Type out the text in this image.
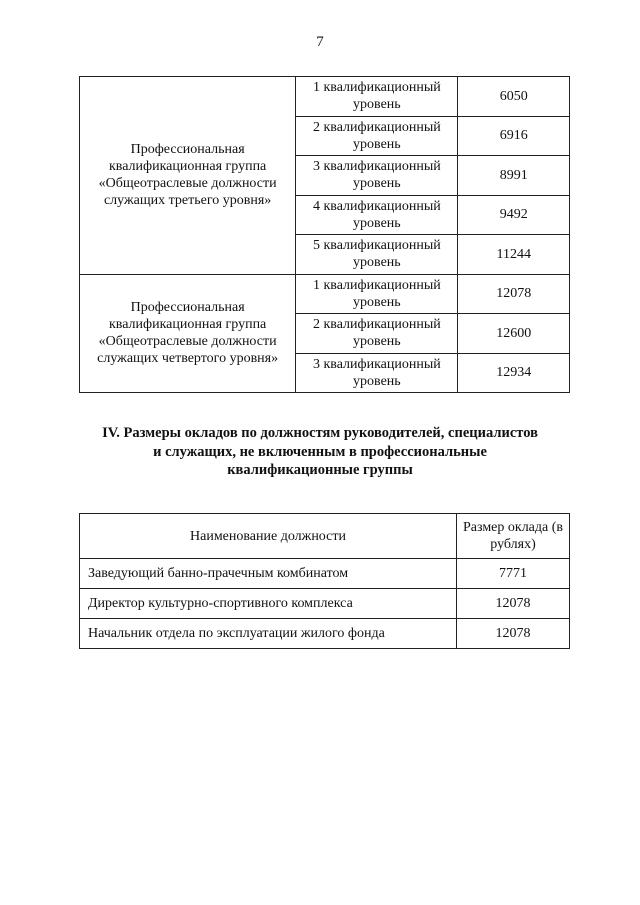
7
Профессиональная квалификационная группа «Общеотраслевые должности служащих третьего уровня»	1 квалификационный уровень	6050
	2 квалификационный уровень	6916
	3 квалификационный уровень	8991
	4 квалификационный уровень	9492
	5 квалификационный уровень	11244
Профессиональная квалификационная группа «Общеотраслевые должности служащих четвертого уровня»	1 квалификационный уровень	12078
	2 квалификационный уровень	12600
	3 квалификационный уровень	12934
IV. Размеры окладов по должностям руководителей, специалистов и служащих, не включенным в профессиональные квалификационные группы
Наименование должности	Размер оклада (в рублях)
Заведующий банно-прачечным комбинатом	7771
Директор культурно-спортивного комплекса	12078
Начальник отдела по эксплуатации жилого фонда	12078
